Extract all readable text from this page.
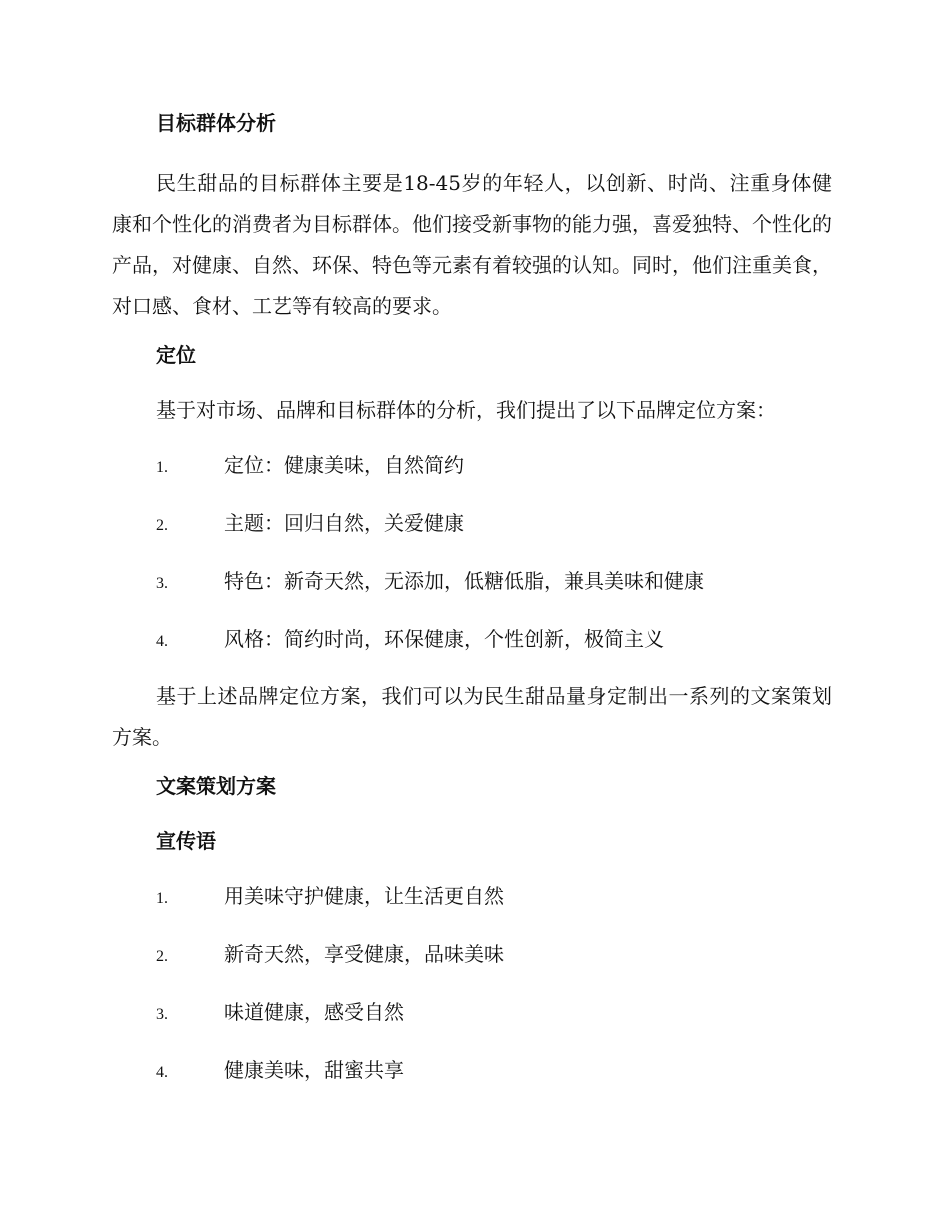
目标群体分析

民生甜品的目标群体主要是18-45岁的年轻人，以创新、时尚、注重身体健康和个性化的消费者为目标群体。他们接受新事物的能力强，喜爱独特、个性化的产品，对健康、自然、环保、特色等元素有着较强的认知。同时，他们注重美食，对口感、食材、工艺等有较高的要求。

定位

基于对市场、品牌和目标群体的分析，我们提出了以下品牌定位方案：

1.	定位：健康美味，自然简约
2.	主题：回归自然，关爱健康
3.	特色：新奇天然，无添加，低糖低脂，兼具美味和健康
4.	风格：简约时尚，环保健康，个性创新，极简主义

基于上述品牌定位方案，我们可以为民生甜品量身定制出一系列的文案策划方案。

文案策划方案
宣传语
1.	用美味守护健康，让生活更自然
2.	新奇天然，享受健康，品味美味
3.	味道健康，感受自然
4.	健康美味，甜蜜共享
